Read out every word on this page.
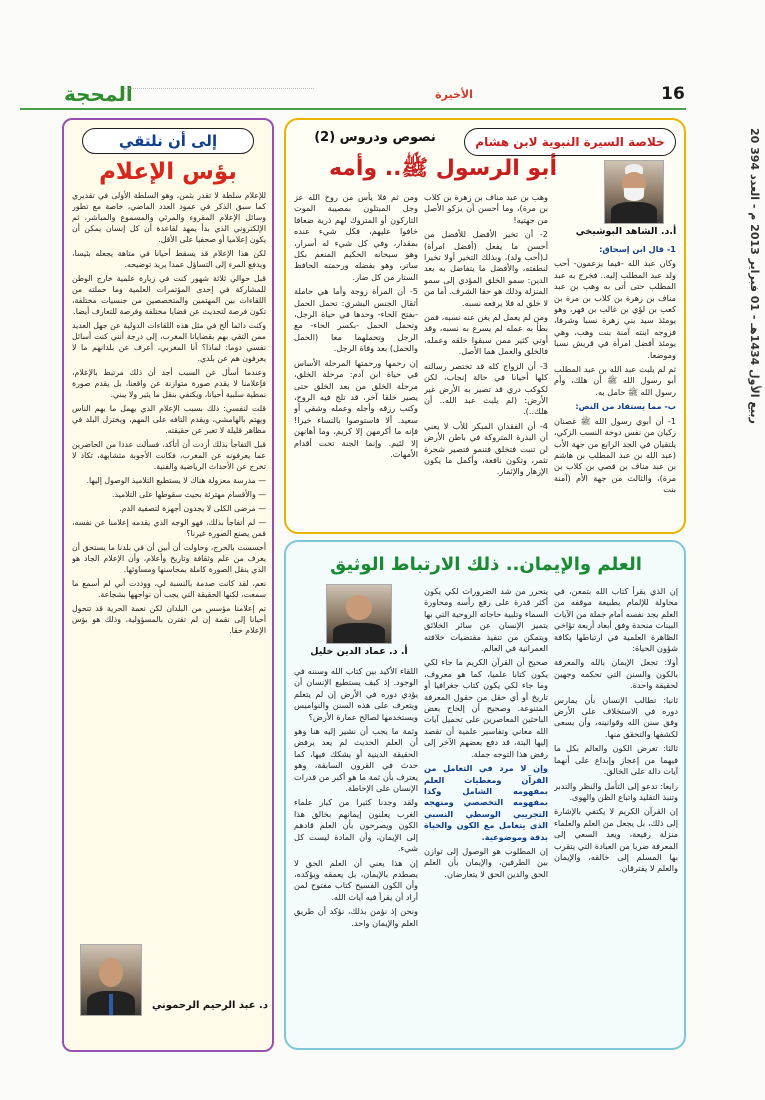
المحجة	الأخيرة	16
20 ربيع الأول 1434هـ - 01 فبراير 2013 م - العدد 394
إلى أن نلتقي
بؤس الإعلام

للإعلام سلطة لا تقدر بثمن، وهو السلطة الأولى في تقديري كما سبق الذكر في عمود العدد الماضي، خاصة مع تطور وسائل الإعلام المقروء والمرئي والمسموع والمباشر، ثم الإلكتروني الذي بدأ يمهد لقاعدة أن كل إنسان يمكن أن يكون إعلاميا أو صحفيا على الأقل.

لكن هذا الإعلام قد يسقط أحيانا في متاهة يجعله بئيسا، ويدفع المرء إلى التساؤل عمدا يريد توضيحه.

قبل حوالي ثلاثة شهور كنت في زيارة علمية خارج الوطن للمشاركة في إحدى المؤتمرات العلمية وما حملته من اللقاءات بين المهتمين والمتخصصين من جنسيات مختلفة، تكون فرصة لتحديث عن قضايا مختلفة وفرصة للتعارف أيضا.

وكنت دائما ألح في مثل هذه اللقاءات الدولية عن جهل العديد ممن التقي بهم بقضايانا المغرب، إلى درجة أنني كنت أسائل نفسي دوما: لماذا؟ أنا المغربي، أعرف عن بلدانهم ما لا يعرفون هم عن بلدي.

وعندما أسأل عن السبب أجد أن ذلك مرتبط بالإعلام، فإعلامنا لا يقدم صورة متوازنة عن واقعنا، بل يقدم صورة نمطية سلبية أحيانا، ويكتفي بنقل ما يثير ولا يبني.

قلت لنفسي: ذلك بسبب الإعلام الذي يهمل ما يهم الناس ويهتم بالهامشي، ويقدم التافه على المهم، ويختزل البلد في مظاهر قليلة لا تعبر عن حقيقته.

قبل التفاجأ بذلك أردت أن أتأكد، فسألت عددا من الحاضرين عما يعرفونه عن المغرب، فكانت الأجوبة متشابهة، تكاد لا تخرج عن الأحداث الرياضية والفنية.

— مدرسة معزولة هناك لا يستطيع التلاميذ الوصول إليها.

— والأقسام مهترئة بحيث سقوطها على التلاميذ.

— مرضى الكلى لا يجدون أجهزة لتصفية الدم.

— لم أتفاجأ بذلك، فهو الوجه الذي يقدمه إعلامنا عن نفسه، فمن يصنع الصورة غيرنا؟

أحسست بالحرج، وحاولت أن أبين أن في بلدنا ما يستحق أن يعرف من علم وثقافة وتاريخ وأعلام، وأن الإعلام الجاد هو الذي ينقل الصورة كاملة بمحاسنها ومساوئها.

نعم، لقد كانت صدمة بالنسبة لي، ووددت أني لم أسمع ما سمعت، لكنها الحقيقة التي يجب أن نواجهها بشجاعة.

تم إعلامنا مؤسس من البلدان لكن نعمة الحرية قد تتحول أحيانا إلى نقمة إن لم تقترن بالمسؤولية، وذلك هو بؤس الإعلام حقا.

د. عبد الرحيم الرحموني
خلاصة السيرة النبوية لابن هشام
نصوص ودروس (2)
أبو الرسول ﷺ.. وأمه
أ.د. الشاهد البوشيخي

1- قال ابن إسحاق:

وكان عبد الله -فيما يزعمون- أحب ولد عبد المطلب إليه.. فخرج به عبد المطلب حتى أتى به وهب بن عبد مناف بن زهرة بن كلاب بن مرة بن كعب بن لؤي بن غالب بن فهر، وهو يومئذ سيد بني زهرة نسبا وشرفا، فزوجه ابنته آمنة بنت وهب، وهي يومئذ أفضل امرأة في قريش نسبا وموضعا.

ثم لم يلبث عبد الله بن عبد المطلب أبو رسول الله ﷺ أن هلك، وأم رسول الله ﷺ حامل به.

ب- مما يستفاد من النص:

1- أن أبوي رسول الله ﷺ غصنان زكيان من نفس دوحة النسب الزكي، يلتقيان في الجد الرابع من جهة الأب (عبد الله بن عبد المطلب بن هاشم بن عبد مناف بن قصي بن كلاب بن مرة)، والثالث من جهة الأم (آمنة بنت

وهب بن عبد مناف بن زهرة بن كلاب بن مرة)، وما أحسن أن يزكو الأصل من جهتيه!

2- أن تخير الأفضل للأفضل من أحسن ما يفعل (أفضل امرأة) لـ(أحب ولد)، وبذلك التخير أولا تخيرا لنطفته، والأفضل ما يتفاضل به بعد الدين: سمو الخلق المؤدي إلى سمو المنزلة وذلك هو حقا الشرف. أما من لا خلق له فلا يرفعه نسبه.

ومن لم يعمل لم يغن عنه نسبه، فمن بطأ به عمله لم يسرع به نسبه، وقد أوتي كثير ممن سبقوا خلقه وعمله، فالخلق والعمل هما الأصل.

3- أن الزواج كله قد تختصر رسالته كلها أحيانا في حالة إنجاب، لكن لكوكب دري قد تصير به الأرض غير الأرض: (لم يلبث عبد الله.. أن هلك..).

4- أن الفقدان المبكر للأب لا يعني أن البذرة المتروكة في باطن الأرض لن تنبت فتخلق فتنمو فتصير شجرة تثمر، وتكون نافعة، وأكمل ما يكون الإزهار والإثمار.

ومن ثم فلا يأس من روح الله عز وجل المبتلون بمصيبة الموت التاركون أو المتروك لهم ذرية ضعافا خافوا عليهم، فكل شيء عنده بمقدار، وفي كل شيء له أسرار، وهو سبحانه الحكيم المنعم بكل ساتر، وهو بفضله ورحمته الحافظ الستار من كل ضار.

5- أن المرأة زوجة وأما هي حاملة أثقال الجنس البشري: تحمل الحمل -بفتح الحاء- وحدها في حياة الرجل، وتحمل الحمل -بكسر الحاء- مع الرجل وتحملهما معا (الحمل والحمل) بعد وفاة الرجل.

إن رحمها ورحمتها المرحلة الأساس في حياة ابن آدم: مرحلة الخلق، مرحلة الخلق من بعد الخلق حتى يصير خلقا آخر، قد تلج فيه الروح، وكتب رزقه وأجله وعمله وشقي أو سعيد. ألا فاستوصوا بالنساء خيرا! فإنه ما أكرمهن إلا كريم، وما أهانهن إلا لئيم. وإنما الجنة تحت أقدام الأمهات.

العلم والإيمان.. ذلك الارتباط الوثيق
أ. د. عماد الدين خليل

إن الذي يقرأ كتاب الله بتمعن، في محاولة للإلمام بطبيعة موقفه من العلم يجد نفسه أمام جملة من الآيات البينات منحدة وفق أبعاد أربعة تؤاخي الظاهرة العلمية في ارتباطها بكافة شؤون الحياة:

أولا: تجعل الإيمان بالله والمعرفة بالكون والسنن التي تحكمه وجهين لحقيقة واحدة.

ثانيا: تطالب الإنسان بأن يمارس دوره في الاستخلاف على الأرض وفق سنن الله وقوانينه، وأن يسعى لكشفها والتحقق منها.

ثالثا: تعرض الكون والعالم بكل ما فيهما من إعجاز وإبداع على أنهما آيات دالة على الخالق.

رابعا: تدعو إلى التأمل والنظر والتدبر وتنبذ التقليد واتباع الظن والهوى.

إن القرآن الكريم لا يكتفي بالإشارة إلى ذلك، بل يجعل من العلم والعلماء منزلة رفيعة، ويعد السعي إلى المعرفة ضربا من العبادة التي يتقرب بها المسلم إلى خالقه، والإيمان والعلم لا يفترقان.

يتحرر من شد الضرورات لكي يكون أكثر قدرة على رفع رأسه ومحاورة السماء وتلبية حاجاته الروحية التي بها يتميز الإنسان عن سائر الخلائق ويتمكن من تنفيذ مقتضيات خلافته العمرانية في العالم.

صحيح أن القرآن الكريم ما جاء لكي يكون كتابا علميا، كما هو معروف، وما جاء لكي يكون كتاب جغرافيا أو تاريخ أو أي حقل من حقول المعرفة المتنوعة. وصحيح أن إلحاح بعض الباحثين المعاصرين على تحميل آيات الله معاني وتفاسير علمية أن تقصد إليها البتة، قد دفع بعضهم الآخر إلى رفض هذا التوجه جملة.

وإن لا مرد في التعامل من القرآن ومعطيات العلم بمفهومه الشامل وكذا بمفهومه التخصصي ومنهجه التجريبي الوسطي النسبي الذي يتعامل مع الكون والحياة بدقة وموضوعية.

إن المطلوب هو الوصول إلى توازن بين الطرفين، والإيمان بأن العلم الحق والدين الحق لا يتعارضان.

اللقاء الأكيد بين كتاب الله وسننه في الوجود. إذ كيف يستطيع الإنسان أن يؤدي دوره في الأرض إن لم يتعلم ويتعرف على هذه السنن والنواميس ويستخدمها لصالح عمارة الأرض؟

وثمة ما يجب أن نشير إليه هنا وهو أن العلم الحديث لم يعد يرفض الحقيقة الدينية أو يشكك فيها، كما حدث في القرون السابقة، وهو يعترف بأن ثمة ما هو أكبر من قدرات الإنسان على الإحاطة.

ولقد وجدنا كثيرا من كبار علماء الغرب يعلنون إيمانهم بخالق هذا الكون ويصرحون بأن العلم قادهم إلى الإيمان، وأن المادة ليست كل شيء.

إن هذا يعني أن العلم الحق لا يصطدم بالإيمان، بل يعمقه ويؤكده، وأن الكون الفسيح كتاب مفتوح لمن أراد أن يقرأ فيه آيات الله.

ونحن إذ نؤمن بذلك، نؤكد أن طريق العلم والإيمان واحد.
